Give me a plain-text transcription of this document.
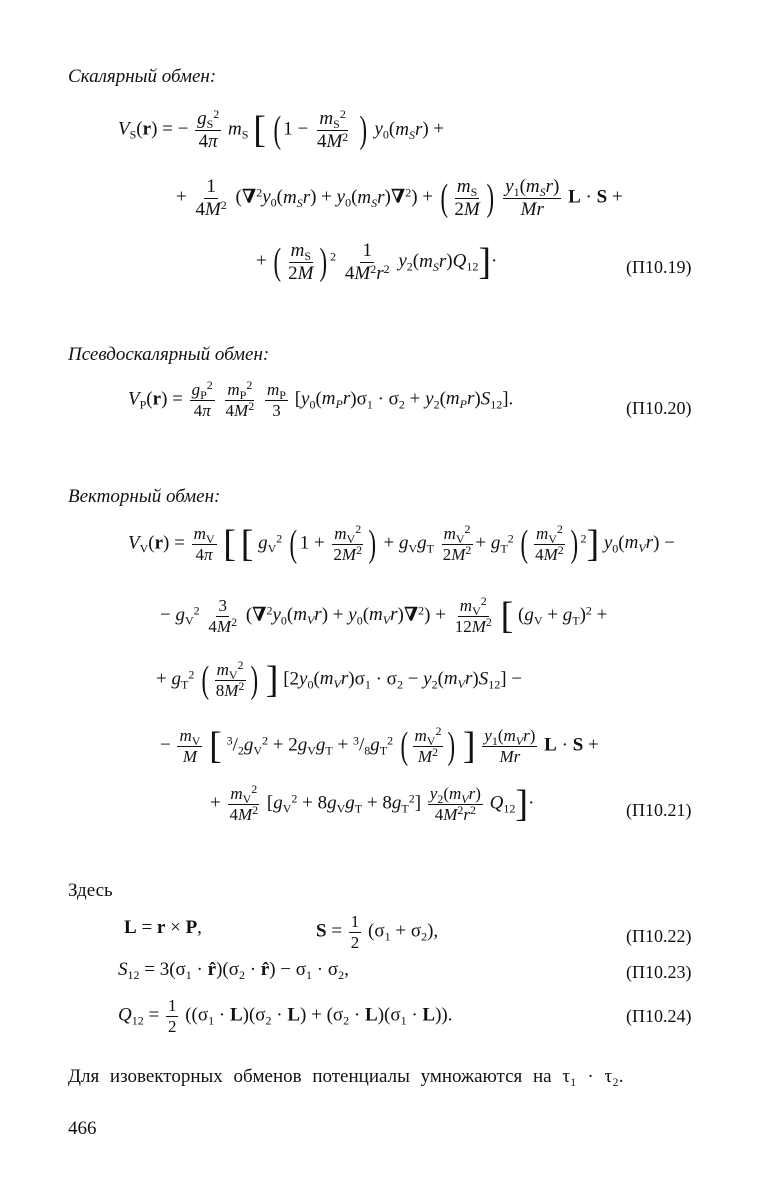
Скалярный обмен:
$V_S(r)$ = − $\frac{g_S^2}{4\pi} m_S$ [ ( $1 - \frac{m_S^2}{4M^2}$ ) $y_0(m_Sr)$ +
+ $\frac{1}{4M^2} (\nabla^2y_0(m_Sr) + y_0(m_Sr)\nabla^2)$ + ( $\frac{m_S}{2M}$ ) $\frac{y_1(m_Sr)}{Mr}$ L · S +
+ ( $\frac{m_S}{2M}$ ) $^2 \frac{1}{4M^2r^2} y_2(m_Sr)Q_{12}]\cdot$	(П10.19)
Псевдоскалярный обмен:
$V_P(r) = \frac{g_P^2}{4\pi}$
$\frac{m_P^2}{4M^2}$
$\frac{m_P}{3} [y_0(m_Pr)\sigma_1 \cdot \sigma_2 + y_2(m_Pr)S_{12}]$.	(П10.20)
Векторный обмен:
$V_V(r) = \frac{m_V}{4\pi}$ [ [ $g_V^2$ ( $1 + \frac{m_V^2}{2M^2}$ ) + $g_Vg_T \frac{m_V^2}{2M^2} + g_T^2$ ( $\frac{m_V^2}{4M^2}$ ) $^2$] $y_0(m_Vr)$ −
− $g_V^2 \frac{3}{4M^2} (\nabla^2y_0(m_Vr) + y_0(m_Vr)\nabla^2) + \frac{m_V^2}{12M^2}$ [ $(g_V + g_T)^2$ +
+ $g_T^2$ ( $\frac{m_V^2}{8M^2}$ ) ] $[2y_0(m_Vr)\sigma_1 \cdot \sigma_2 - y_2(m_Vr)S_{12}]$ −
− $\frac{m_V}{M}$ [ $^3/_2g_V^2 + 2g_Vg_T + ^3/_8g_T^2$ ( $\frac{m_V^2}{M^2}$ ) ] $\frac{y_1(m_Vr)}{Mr}$ L · S +
+ $\frac{m_V^2}{4M^2} [g_V^2 + 8g_Vg_T + 8g_T^2] \frac{y_2(m_Vr)}{4M^2r^2} Q_{12}]\cdot$	(П10.21)
Здесь
L = r × P,	$S = \frac{1}{2} (\sigma_1 + \sigma_2)$,	(П10.22)
$S_{12} = 3(\sigma_1$ · $r̂)(\sigma_2$ · r̂) − $\sigma_1 \cdot \sigma_2$,	(П10.23)
$Q_{12} = \frac{1}{2} ((\sigma_1 \cdot L)(\sigma_2 \cdot L) + (\sigma_2 \cdot L)(\sigma_1 \cdot L))$.	(П10.24)
Для изовекторных обменов потенциалы умножаются на τ₁ · τ₂.
466
